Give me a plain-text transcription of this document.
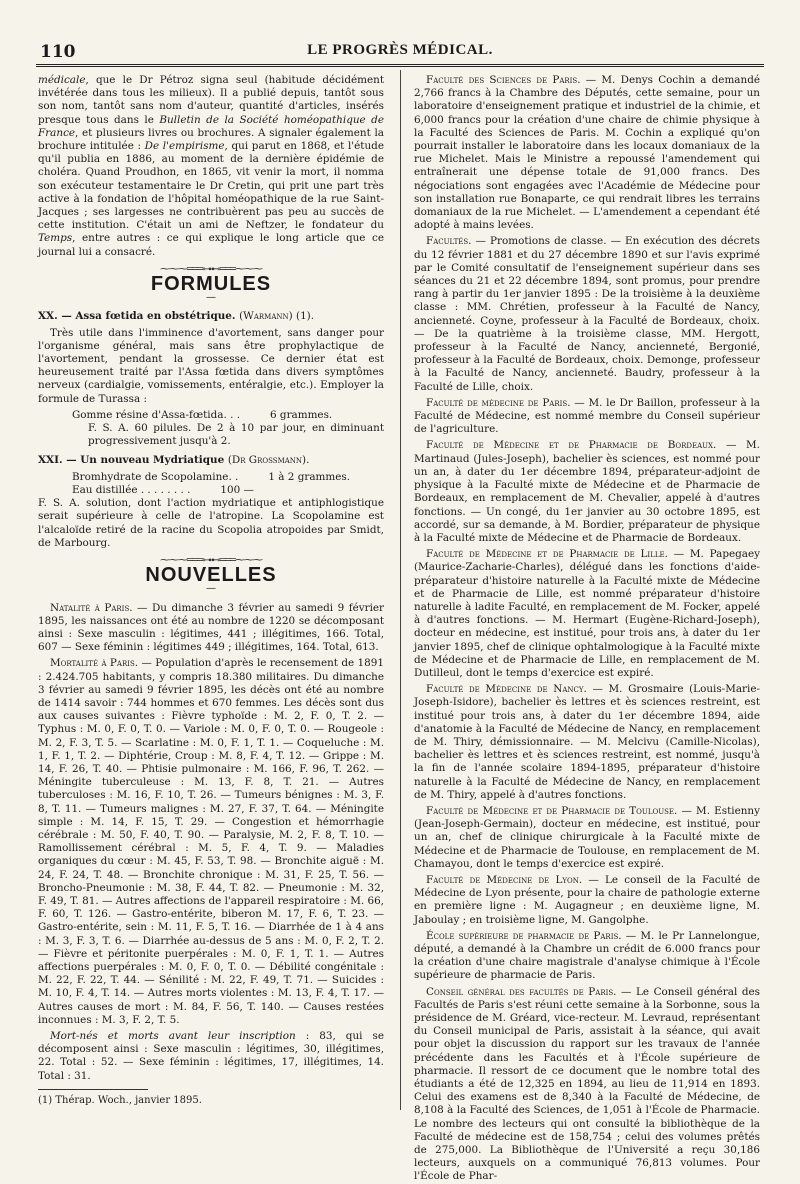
110	LE PROGRÈS MÉDICAL.

médicale, que le Dr Pétroz signa seul (habitude décidément invétérée dans tous les milieux). Il a publié depuis, tantôt sous son nom, tantôt sans nom d'auteur, quantité d'articles, insérés presque tous dans le Bulletin de la Société homéopathique de France, et plusieurs livres ou brochures. A signaler également la brochure intitulée : De l'empirisme, qui parut en 1868, et l'étude qu'il publia en 1886, au moment de la dernière épidémie de choléra. Quand Proudhon, en 1865, vit venir la mort, il nomma son exécuteur testamentaire le Dr Cretin, qui prit une part très active à la fondation de l'hôpital homéopathique de la rue Saint-Jacques ; ses largesses ne contribuèrent pas peu au succès de cette institution. C'était un ami de Neftzer, le fondateur du Temps, entre autres : ce qui explique le long article que ce journal lui a consacré.

⁓⁓⁓═══⊶⊷═══⁓⁓⁓
FORMULES
—

XX. — Assa fœtida en obstétrique. (Warmann) (1).

Très utile dans l'imminence d'avortement, sans danger pour l'organisme général, mais sans être prophylactique de l'avortement, pendant la grossesse. Ce dernier état est heureusement traité par l'Assa fœtida dans divers symptômes nerveux (cardialgie, vomissements, entéralgie, etc.). Employer la formule de Turassa :

Gomme résine d'Assa-fœtida. . .	6 grammes.

F. S. A. 60 pilules. De 2 à 10 par jour, en diminuant progressivement jusqu'à 2.

XXI. — Un nouveau Mydriatique (Dr Grossmann).

Bromhydrate de Scopolamine. .	1 à 2 grammes.

Eau distillée . . . . . . . .	100 —

F. S. A. solution, dont l'action mydriatique et antiphlogistique serait supérieure à celle de l'atropine. La Scopolamine est l'alcaloïde retiré de la racine du Scopolia atropoides par Smidt, de Marbourg.

⁓⁓⁓═══⊶⊷═══⁓⁓⁓
NOUVELLES
—

Natalité à Paris. — Du dimanche 3 février au samedi 9 février 1895, les naissances ont été au nombre de 1220 se décomposant ainsi : Sexe masculin : légitimes, 441 ; illégitimes, 166. Total, 607 — Sexe féminin : légitimes 449 ; illégitimes, 164. Total, 613.

Mortalité à Paris. — Population d'après le recensement de 1891 : 2.424.705 habitants, y compris 18.380 militaires. Du dimanche 3 février au samedi 9 février 1895, les décès ont été au nombre de 1414 savoir : 744 hommes et 670 femmes. Les décès sont dus aux causes suivantes : Fièvre typhoïde : M. 2, F. 0, T. 2. — Typhus : M. 0, F. 0, T. 0. — Variole : M. 0, F. 0, T. 0. — Rougeole : M. 2, F. 3, T. 5. — Scarlatine : M. 0, F. 1, T. 1. — Coqueluche : M. 1, F. 1, T. 2. — Diphtérie, Croup : M. 8, F. 4, T. 12. — Grippe : M. 14, F. 26, T. 40. — Phtisie pulmonaire : M. 166, F. 96, T. 262. — Méningite tuberculeuse : M. 13, F. 8, T. 21. — Autres tuberculoses : M. 16, F. 10, T. 26. — Tumeurs bénignes : M. 3, F. 8, T. 11. — Tumeurs malignes : M. 27, F. 37, T. 64. — Méningite simple : M. 14, F. 15, T. 29. — Congestion et hémorrhagie cérébrale : M. 50, F. 40, T. 90. — Paralysie, M. 2, F. 8, T. 10. — Ramollissement cérébral : M. 5, F. 4, T. 9. — Maladies organiques du cœur : M. 45, F. 53, T. 98. — Bronchite aiguë : M. 24, F. 24, T. 48. — Bronchite chronique : M. 31, F. 25, T. 56. — Broncho-Pneumonie : M. 38, F. 44, T. 82. — Pneumonie : M. 32, F. 49, T. 81. — Autres affections de l'appareil respiratoire : M. 66, F. 60, T. 126. — Gastro-entérite, biberon M. 17, F. 6, T. 23. — Gastro-entérite, sein : M. 11, F. 5, T. 16. — Diarrhée de 1 à 4 ans : M. 3, F. 3, T. 6. — Diarrhée au-dessus de 5 ans : M. 0, F. 2, T. 2. — Fièvre et péritonite puerpérales : M. 0, F. 1, T. 1. — Autres affections puerpérales : M. 0, F. 0, T. 0. — Débilité congénitale : M. 22, F. 22, T. 44. — Sénilité : M. 22, F. 49, T. 71. — Suicides : M. 10, F. 4, T. 14. — Autres morts violentes : M. 13, F. 4, T. 17. — Autres causes de mort : M. 84, F. 56, T. 140. — Causes restées inconnues : M. 3, F. 2, T. 5.

Mort-nés et morts avant leur inscription : 83, qui se décomposent ainsi : Sexe masculin : légitimes, 30, illégitimes, 22. Total : 52. — Sexe féminin : légitimes, 17, illégitimes, 14. Total : 31.

(1) Thérap. Woch., janvier 1895.

Faculté des Sciences de Paris. — M. Denys Cochin a demandé 2,766 francs à la Chambre des Députés, cette semaine, pour un laboratoire d'enseignement pratique et industriel de la chimie, et 6,000 francs pour la création d'une chaire de chimie physique à la Faculté des Sciences de Paris. M. Cochin a expliqué qu'on pourrait installer le laboratoire dans les locaux domaniaux de la rue Michelet. Mais le Ministre a repoussé l'amendement qui entraînerait une dépense totale de 91,000 francs. Des négociations sont engagées avec l'Académie de Médecine pour son installation rue Bonaparte, ce qui rendrait libres les terrains domaniaux de la rue Michelet. — L'amendement a cependant été adopté à mains levées.

Facultés. — Promotions de classe. — En exécution des décrets du 12 février 1881 et du 27 décembre 1890 et sur l'avis exprimé par le Comité consultatif de l'enseignement supérieur dans ses séances du 21 et 22 décembre 1894, sont promus, pour prendre rang à partir du 1er janvier 1895 : De la troisième à la deuxième classe : MM. Chrétien, professeur à la Faculté de Nancy, ancienneté. Coyne, professeur à la Faculté de Bordeaux, choix. — De la quatrième à la troisième classe, MM. Hergott, professeur à la Faculté de Nancy, ancienneté, Bergonié, professeur à la Faculté de Bordeaux, choix. Demonge, professeur à la Faculté de Nancy, ancienneté. Baudry, professeur à la Faculté de Lille, choix.

Faculté de médecine de Paris. — M. le Dr Baillon, professeur à la Faculté de Médecine, est nommé membre du Conseil supérieur de l'agriculture.

Faculté de Médecine et de Pharmacie de Bordeaux. — M. Martinaud (Jules-Joseph), bachelier ès sciences, est nommé pour un an, à dater du 1er décembre 1894, préparateur-adjoint de physique à la Faculté mixte de Médecine et de Pharmacie de Bordeaux, en remplacement de M. Chevalier, appelé à d'autres fonctions. — Un congé, du 1er janvier au 30 octobre 1895, est accordé, sur sa demande, à M. Bordier, préparateur de physique à la Faculté mixte de Médecine et de Pharmacie de Bordeaux.

Faculté de Médecine et de Pharmacie de Lille. — M. Papegaey (Maurice-Zacharie-Charles), délégué dans les fonctions d'aide-préparateur d'histoire naturelle à la Faculté mixte de Médecine et de Pharmacie de Lille, est nommé préparateur d'histoire naturelle à ladite Faculté, en remplacement de M. Focker, appelé à d'autres fonctions. — M. Hermart (Eugène-Richard-Joseph), docteur en médecine, est institué, pour trois ans, à dater du 1er janvier 1895, chef de clinique ophtalmologique à la Faculté mixte de Médecine et de Pharmacie de Lille, en remplacement de M. Dutilleul, dont le temps d'exercice est expiré.

Faculté de Médecine de Nancy. — M. Grosmaire (Louis-Marie-Joseph-Isidore), bachelier ès lettres et ès sciences restreint, est institué pour trois ans, à dater du 1er décembre 1894, aide d'anatomie à la Faculté de Médecine de Nancy, en remplacement de M. Thiry, démissionnaire. — M. Melcivu (Camille-Nicolas), bachelier ès lettres et ès sciences restreint, est nommé, jusqu'à la fin de l'année scolaire 1894-1895, préparateur d'histoire naturelle à la Faculté de Médecine de Nancy, en remplacement de M. Thiry, appelé à d'autres fonctions.

Faculté de Médecine et de Pharmacie de Toulouse. — M. Estienny (Jean-Joseph-Germain), docteur en médecine, est institué, pour un an, chef de clinique chirurgicale à la Faculté mixte de Médecine et de Pharmacie de Toulouse, en remplacement de M. Chamayou, dont le temps d'exercice est expiré.

Faculté de Médecine de Lyon. — Le conseil de la Faculté de Médecine de Lyon présente, pour la chaire de pathologie externe en première ligne : M. Augagneur ; en deuxième ligne, M. Jaboulay ; en troisième ligne, M. Gangolphe.

École supérieure de pharmacie de Paris. — M. le Pr Lannelongue, député, a demandé à la Chambre un crédit de 6.000 francs pour la création d'une chaire magistrale d'analyse chimique à l'École supérieure de pharmacie de Paris.

Conseil général des facultés de Paris. — Le Conseil général des Facultés de Paris s'est réuni cette semaine à la Sorbonne, sous la présidence de M. Gréard, vice-recteur. M. Levraud, représentant du Conseil municipal de Paris, assistait à la séance, qui avait pour objet la discussion du rapport sur les travaux de l'année précédente dans les Facultés et à l'École supérieure de pharmacie. Il ressort de ce document que le nombre total des étudiants a été de 12,325 en 1894, au lieu de 11,914 en 1893. Celui des examens est de 8,340 à la Faculté de Médecine, de 8,108 à la Faculté des Sciences, de 1,051 à l'École de Pharmacie. Le nombre des lecteurs qui ont consulté la bibliothèque de la Faculté de médecine est de 158,754 ; celui des volumes prêtés de 275,000. La Bibliothèque de l'Université a reçu 30,186 lecteurs, auxquels on a communiqué 76,813 volumes. Pour l'École de Phar-
